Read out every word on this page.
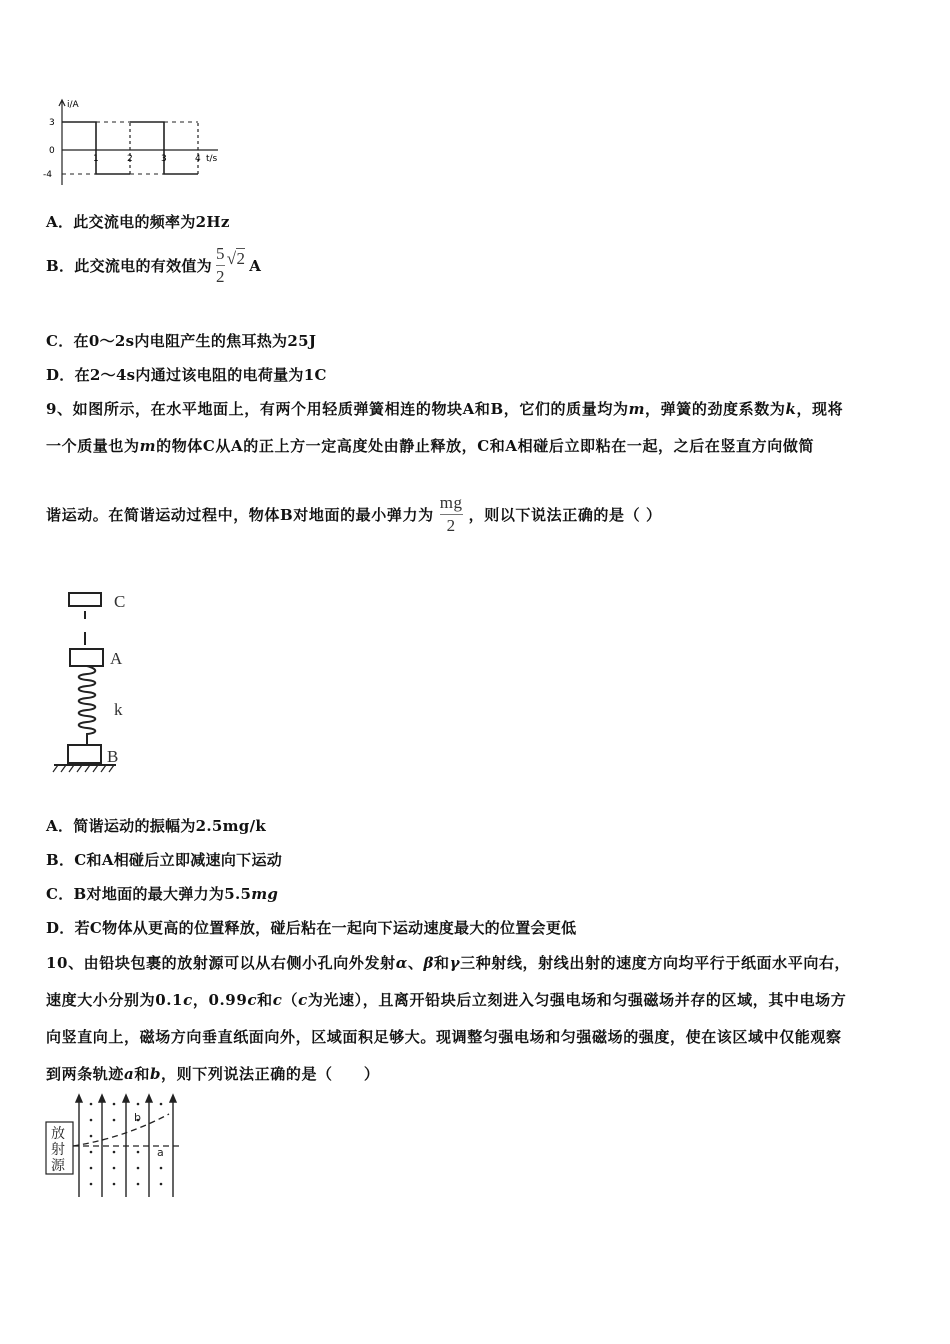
i/A
t/s
3
0
-4
1	2	3	4
A．此交流电的频率为2Hz
B．此交流电的有效值为 $\frac{5}{2} √2$ A
C．在0～2s内电阻产生的焦耳热为25J
D．在2～4s内通过该电阻的电荷量为1C
9、如图所示，在水平地面上，有两个用轻质弹簧相连的物块A和B，它们的质量均为m，弹簧的劲度系数为k，现将
一个质量也为m的物体C从A的正上方一定高度处由静止释放，C和A相碰后立即粘在一起，之后在竖直方向做简
谐运动。在简谐运动过程中，物体B对地面的最小弹力为 $\frac{mg}{2}$ ，则以下说法正确的是（ ）
C
A
k
B
A．简谐运动的振幅为2.5mg/k
B．C和A相碰后立即减速向下运动
C．B对地面的最大弹力为5.5mg
D．若C物体从更高的位置释放，碰后粘在一起向下运动速度最大的位置会更低
10、由铅块包裹的放射源可以从右侧小孔向外发射α、β和γ三种射线，射线出射的速度方向均平行于纸面水平向右，
速度大小分别为0.1c，0.99c和c（c为光速），且离开铅块后立刻进入匀强电场和匀强磁场并存的区域，其中电场方
向竖直向上，磁场方向垂直纸面向外，区域面积足够大。现调整匀强电场和匀强磁场的强度，使在该区域中仅能观察
到两条轨迹a和b，则下列说法正确的是（　　）
放
射
源
b
a
